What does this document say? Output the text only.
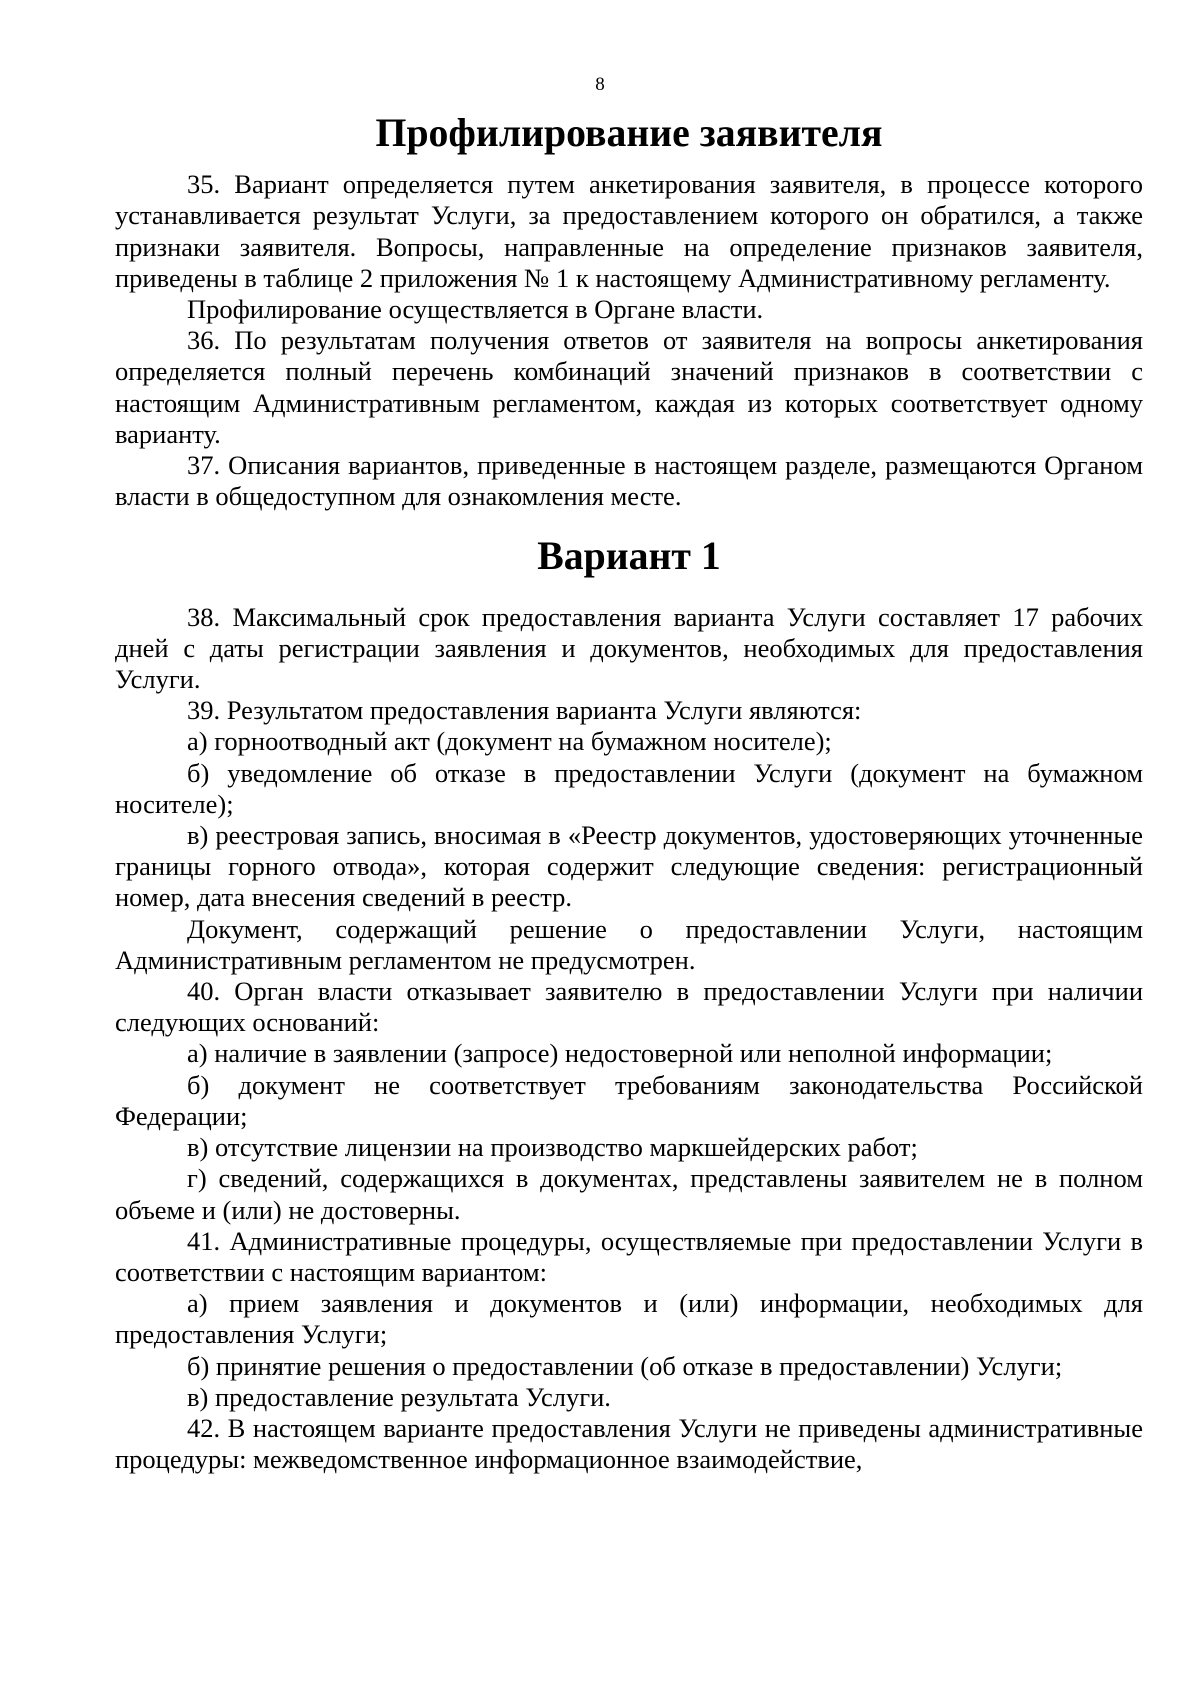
8
Профилирование заявителя

35. Вариант определяется путем анкетирования заявителя, в процессе которого устанавливается результат Услуги, за предоставлением которого он обратился, а также признаки заявителя. Вопросы, направленные на определение признаков заявителя, приведены в таблице 2 приложения № 1 к настоящему Административному регламенту.

Профилирование осуществляется в Органе власти.

36. По результатам получения ответов от заявителя на вопросы анкетирования определяется полный перечень комбинаций значений признаков в соответствии с настоящим Административным регламентом, каждая из которых соответствует одному варианту.

37. Описания вариантов, приведенные в настоящем разделе, размещаются Органом власти в общедоступном для ознакомления месте.

Вариант 1

38. Максимальный срок предоставления варианта Услуги составляет 17 рабочих дней с даты регистрации заявления и документов, необходимых для предоставления Услуги.

39. Результатом предоставления варианта Услуги являются:

а) горноотводный акт (документ на бумажном носителе);

б) уведомление об отказе в предоставлении Услуги (документ на бумажном носителе);

в) реестровая запись, вносимая в «Реестр документов, удостоверяющих уточненные границы горного отвода», которая содержит следующие сведения: регистрационный номер, дата внесения сведений в реестр.

Документ, содержащий решение о предоставлении Услуги, настоящим Административным регламентом не предусмотрен.

40. Орган власти отказывает заявителю в предоставлении Услуги при наличии следующих оснований:

а) наличие в заявлении (запросе) недостоверной или неполной информации;

б) документ не соответствует требованиям законодательства Российской Федерации;

в) отсутствие лицензии на производство маркшейдерских работ;

г) сведений, содержащихся в документах, представлены заявителем не в полном объеме и (или) не достоверны.

41. Административные процедуры, осуществляемые при предоставлении Услуги в соответствии с настоящим вариантом:

а) прием заявления и документов и (или) информации, необходимых для предоставления Услуги;

б) принятие решения о предоставлении (об отказе в предоставлении) Услуги;

в) предоставление результата Услуги.

42. В настоящем варианте предоставления Услуги не приведены административные процедуры: межведомственное информационное взаимодействие,
